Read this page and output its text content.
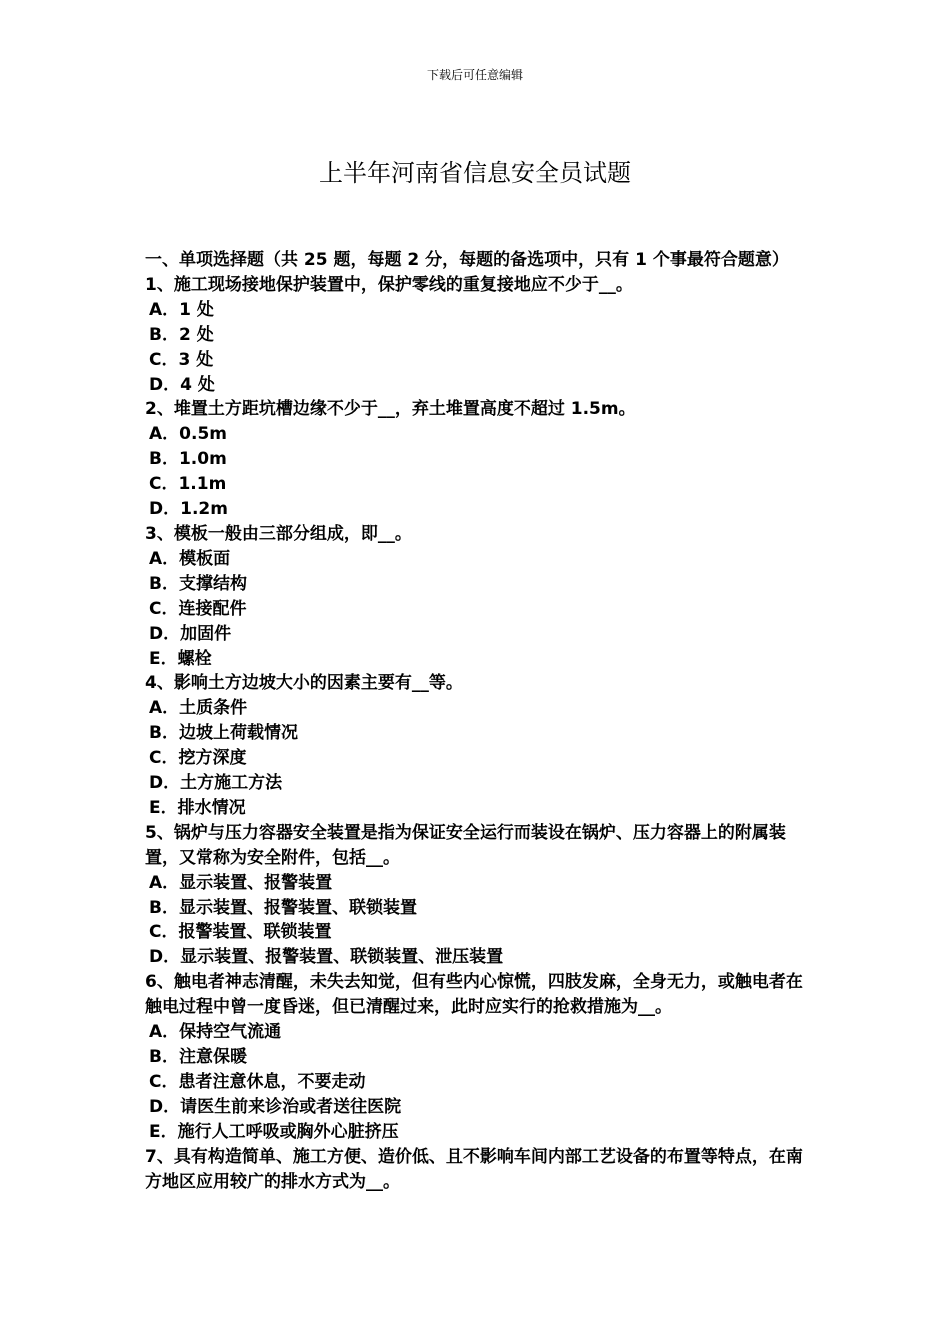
下载后可任意编辑
上半年河南省信息安全员试题
一、单项选择题（共 25 题，每题 2 分，每题的备选项中，只有 1 个事最符合题意）
1、施工现场接地保护装置中，保护零线的重复接地应不少于__。
A．1 处
B．2 处
C．3 处
D．4 处
2、堆置土方距坑槽边缘不少于__，弃土堆置高度不超过 1.5m。
A．0.5m
B．1.0m
C．1.1m
D．1.2m
3、模板一般由三部分组成，即__。
A．模板面
B．支撑结构
C．连接配件
D．加固件
E．螺栓
4、影响土方边坡大小的因素主要有__等。
A．土质条件
B．边坡上荷载情况
C．挖方深度
D．土方施工方法
E．排水情况
5、锅炉与压力容器安全装置是指为保证安全运行而装设在锅炉、压力容器上的附属装置，又常称为安全附件，包括__。
A．显示装置、报警装置
B．显示装置、报警装置、联锁装置
C．报警装置、联锁装置
D．显示装置、报警装置、联锁装置、泄压装置
6、触电者神志清醒，未失去知觉，但有些内心惊慌，四肢发麻，全身无力，或触电者在触电过程中曾一度昏迷，但已清醒过来，此时应实行的抢救措施为__。
A．保持空气流通
B．注意保暖
C．患者注意休息，不要走动
D．请医生前来诊治或者送往医院
E．施行人工呼吸或胸外心脏挤压
7、具有构造简单、施工方便、造价低、且不影响车间内部工艺设备的布置等特点，在南方地区应用较广的排水方式为__。
